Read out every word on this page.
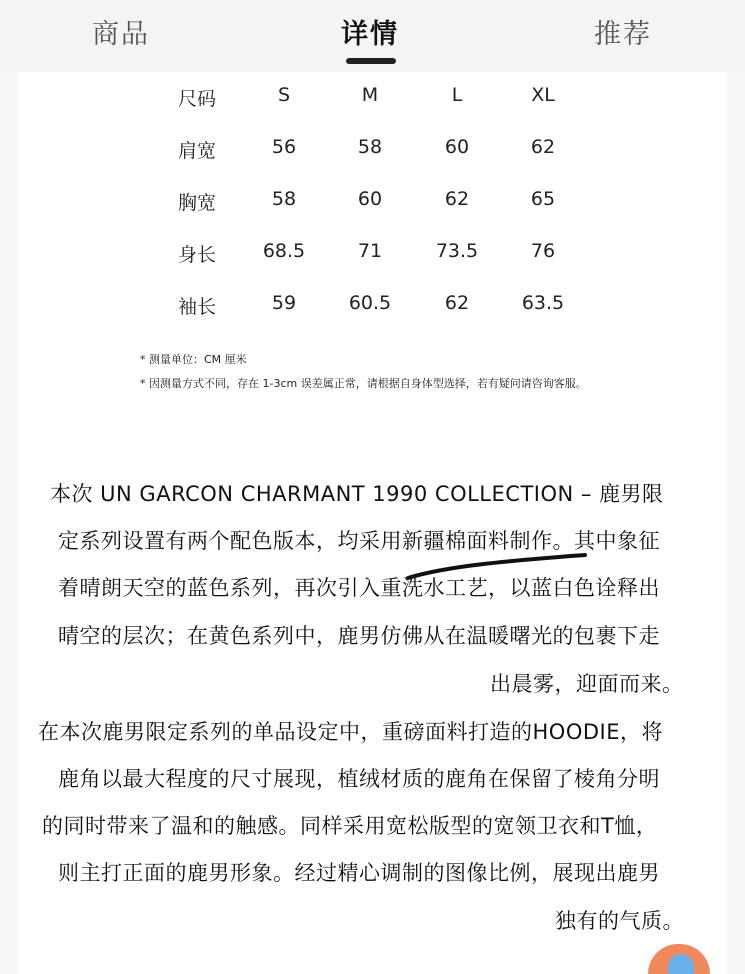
商品	详情	推荐
尺码	S	M	L	XL
肩宽	56	58	60	62
胸宽	58	60	62	65
身长	68.5	71	73.5	76
袖长	59	60.5	62	63.5
* 测量单位：CM 厘米
* 因测量方式不同，存在 1-3cm 误差属正常，请根据自身体型选择，若有疑问请咨询客服。
本次 UN GARCON CHARMANT 1990 COLLECTION – 鹿男限
定系列设置有两个配色版本，均采用新疆棉面料制作。其中象征
着晴朗天空的蓝色系列，再次引入重洗水工艺，以蓝白色诠释出
晴空的层次；在黄色系列中，鹿男仿佛从在温暖曙光的包裹下走
出晨雾，迎面而来。
在本次鹿男限定系列的单品设定中，重磅面料打造的HOODIE，将
鹿角以最大程度的尺寸展现，植绒材质的鹿角在保留了棱角分明
的同时带来了温和的触感。同样采用宽松版型的宽领卫衣和T恤，
则主打正面的鹿男形象。经过精心调制的图像比例，展现出鹿男
独有的气质。
